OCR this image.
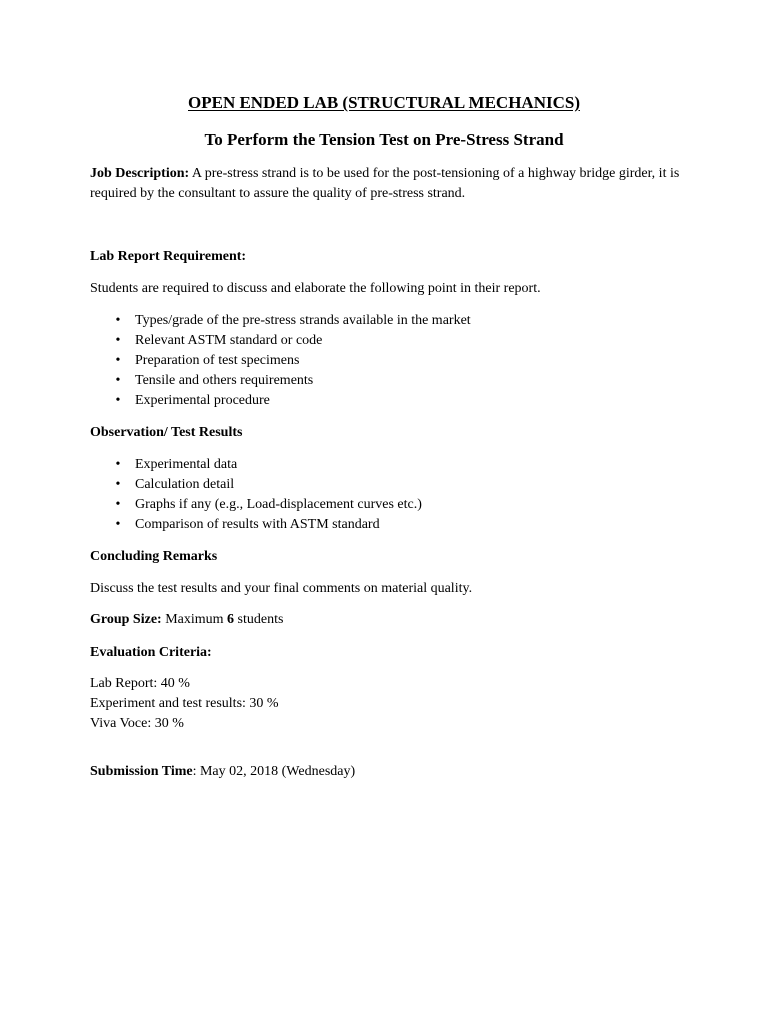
OPEN ENDED LAB (STRUCTURAL MECHANICS)
To Perform the Tension Test on Pre-Stress Strand
Job Description: A pre-stress strand is to be used for the post-tensioning of a highway bridge girder, it is
required by the consultant to assure the quality of pre-stress strand.
Lab Report Requirement:
Students are required to discuss and elaborate the following point in their report.
• Types/grade of the pre-stress strands available in the market
• Relevant ASTM standard or code
• Preparation of test specimens
• Tensile and others requirements
• Experimental procedure
Observation/ Test Results
• Experimental data
• Calculation detail
• Graphs if any (e.g., Load-displacement curves etc.)
• Comparison of results with ASTM standard
Concluding Remarks
Discuss the test results and your final comments on material quality.
Group Size: Maximum 6 students
Evaluation Criteria:
Lab Report: 40 %
Experiment and test results: 30 %
Viva Voce: 30 %
Submission Time: May 02, 2018 (Wednesday)
